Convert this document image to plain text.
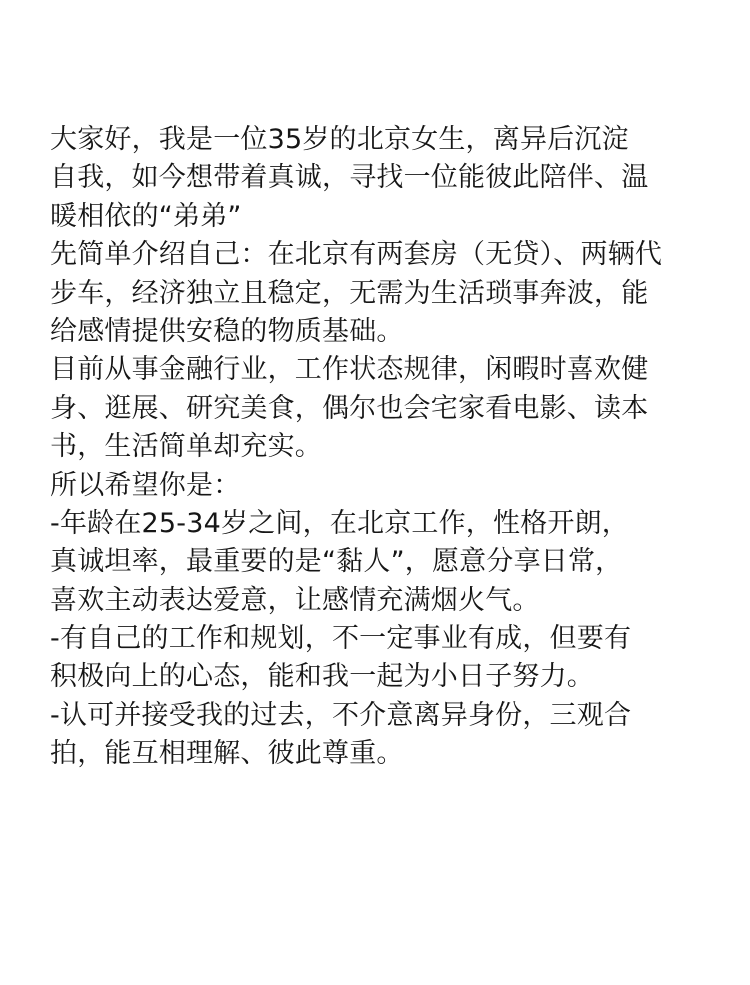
大家好，我是一位35岁的北京女生，离异后沉淀
自我，如今想带着真诚，寻找一位能彼此陪伴、温
暖相依的“弟弟”
先简单介绍自己：在北京有两套房（无贷）、两辆代
步车，经济独立且稳定，无需为生活琐事奔波，能
给感情提供安稳的物质基础。
目前从事金融行业，工作状态规律，闲暇时喜欢健
身、逛展、研究美食，偶尔也会宅家看电影、读本
书，生活简单却充实。
所以希望你是：
-年龄在25-34岁之间，在北京工作，性格开朗，
真诚坦率，最重要的是“黏人”，愿意分享日常，
喜欢主动表达爱意，让感情充满烟火气。
-有自己的工作和规划，不一定事业有成，但要有
积极向上的心态，能和我一起为小日子努力。
-认可并接受我的过去，不介意离异身份，三观合
拍，能互相理解、彼此尊重。
